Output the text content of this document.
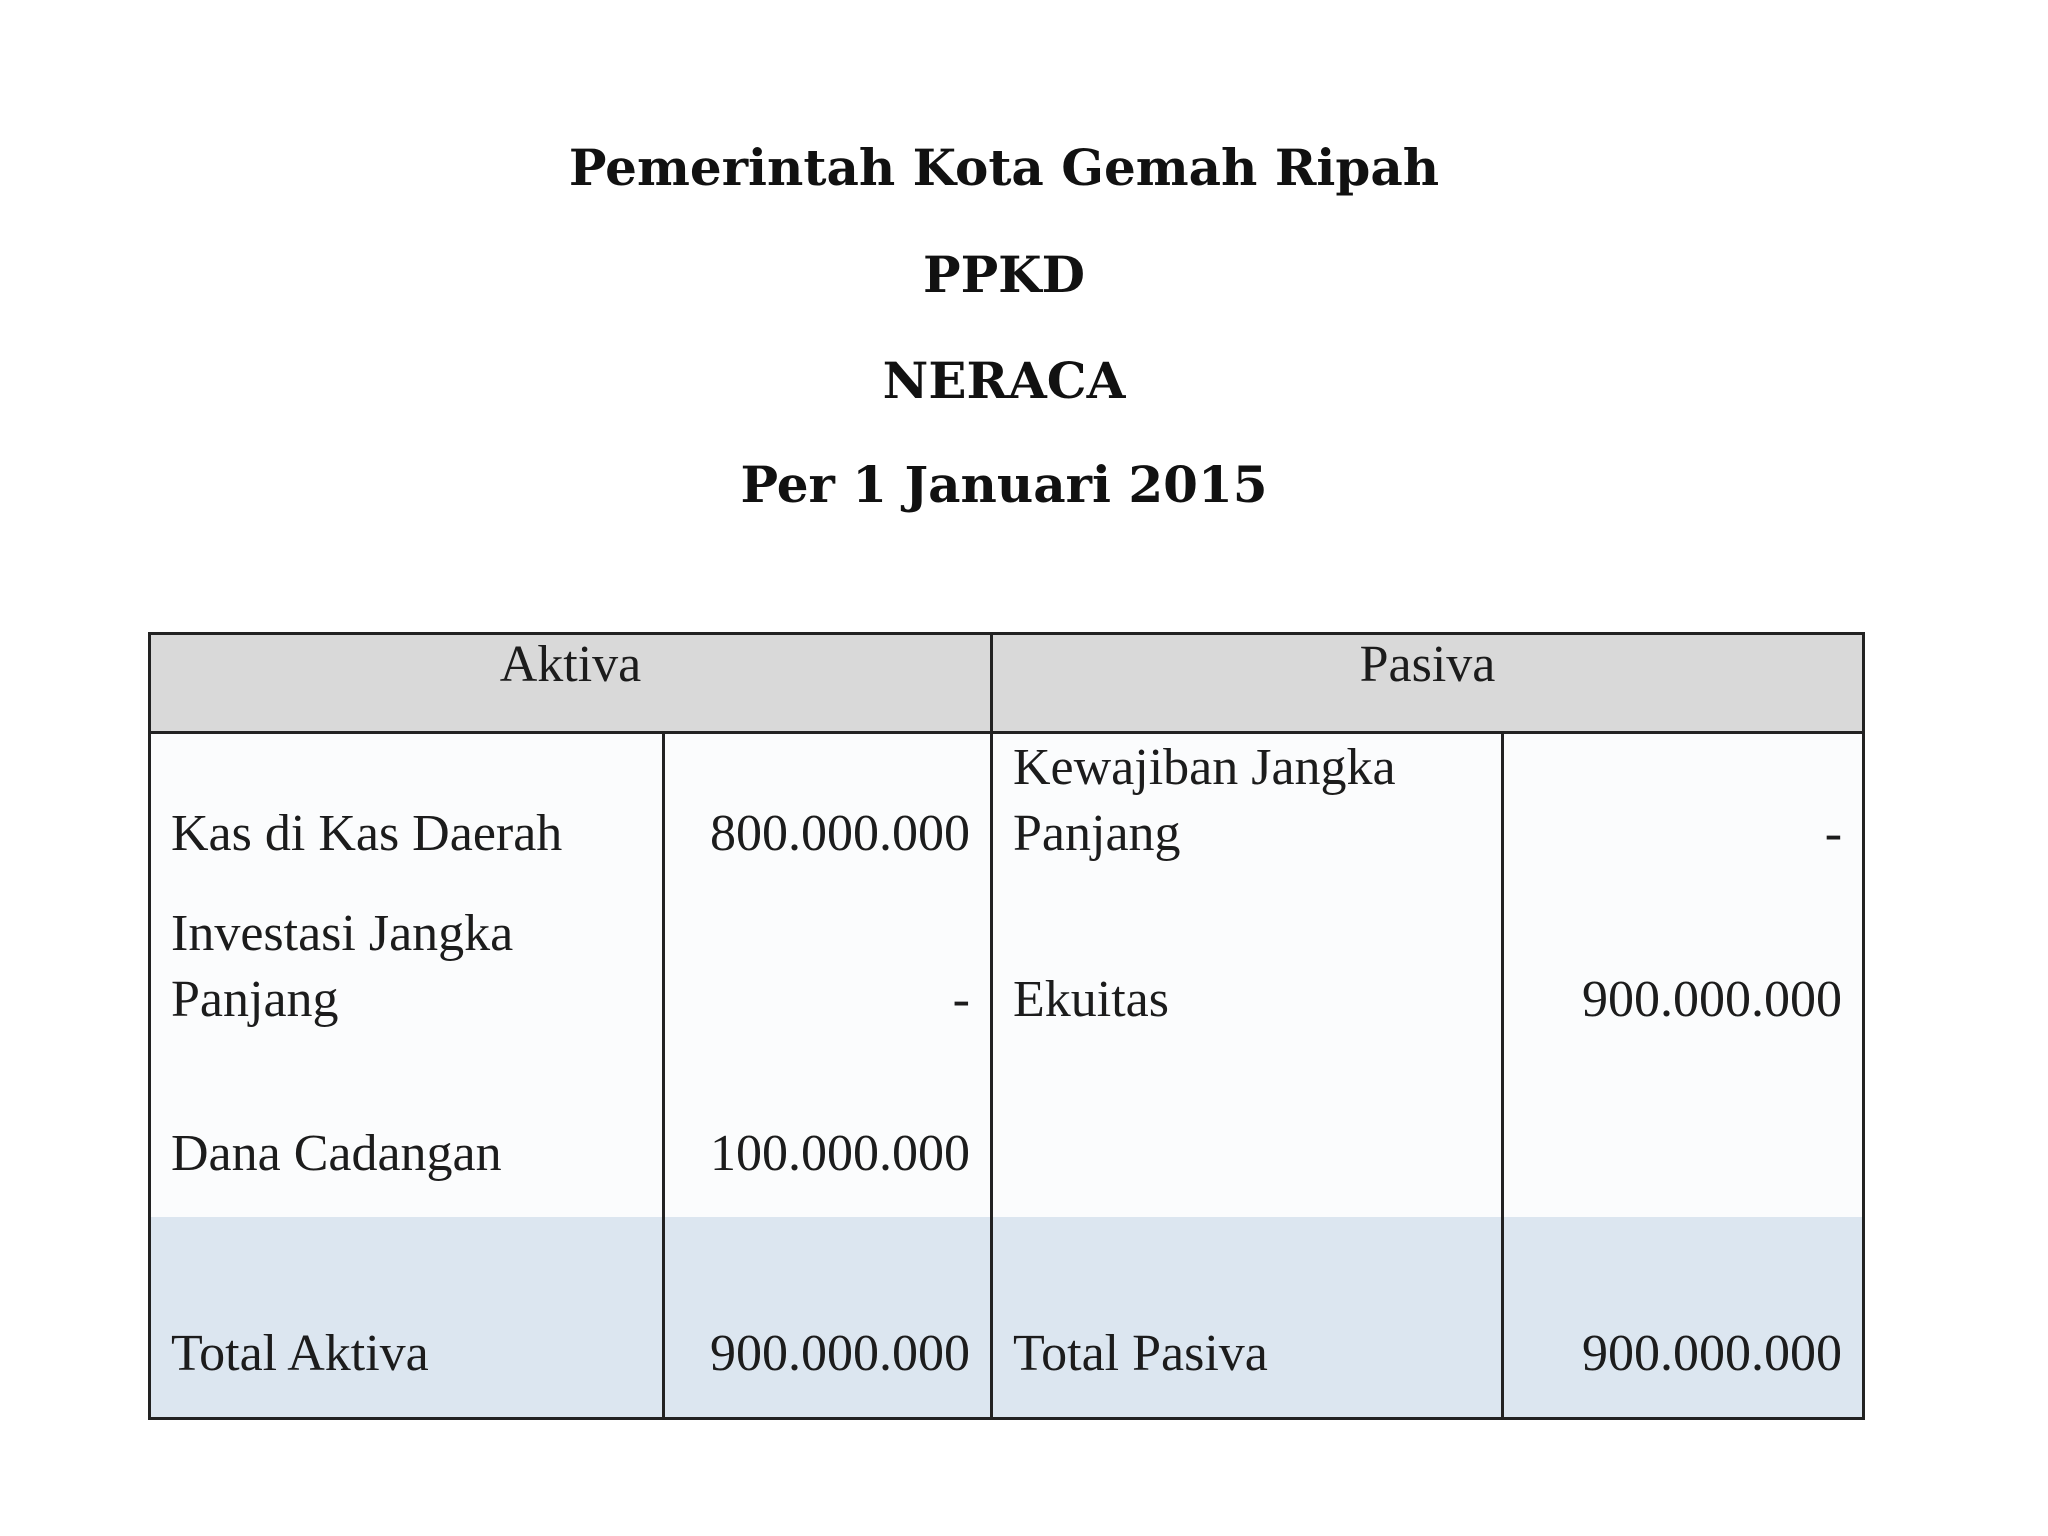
Pemerintah Kota Gemah Ripah
PPKD
NERACA
Per 1 Januari 2015
Aktiva		Pasiva	
Kas di Kas Daerah	800.000.000	Kewajiban Jangka Panjang	-
Investasi Jangka Panjang	-	Ekuitas	900.000.000
Dana Cadangan	100.000.000		
Total Aktiva	900.000.000	Total Pasiva	900.000.000
